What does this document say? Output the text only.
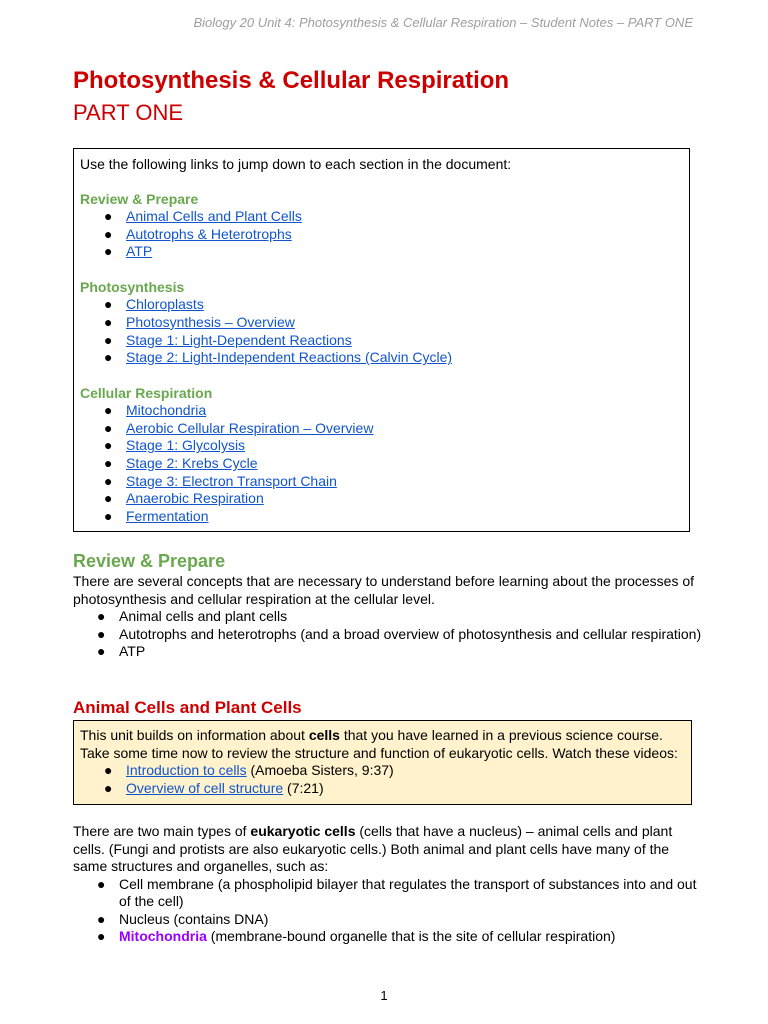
Biology 20 Unit 4: Photosynthesis & Cellular Respiration – Student Notes – PART ONE
Photosynthesis & Cellular Respiration
PART ONE
Use the following links to jump down to each section in the document:
Review & Prepare
● Animal Cells and Plant Cells
● Autotrophs & Heterotrophs
● ATP
Photosynthesis
● Chloroplasts
● Photosynthesis – Overview
● Stage 1: Light-Dependent Reactions
● Stage 2: Light-Independent Reactions (Calvin Cycle)
Cellular Respiration
● Mitochondria
● Aerobic Cellular Respiration – Overview
● Stage 1: Glycolysis
● Stage 2: Krebs Cycle
● Stage 3: Electron Transport Chain
● Anaerobic Respiration
● Fermentation
Review & Prepare
There are several concepts that are necessary to understand before learning about the processes of photosynthesis and cellular respiration at the cellular level.
● Animal cells and plant cells
● Autotrophs and heterotrophs (and a broad overview of photosynthesis and cellular respiration)
● ATP
Animal Cells and Plant Cells
This unit builds on information about cells that you have learned in a previous science course. Take some time now to review the structure and function of eukaryotic cells. Watch these videos:
● Introduction to cells (Amoeba Sisters, 9:37)
● Overview of cell structure (7:21)
There are two main types of eukaryotic cells (cells that have a nucleus) – animal cells and plant cells. (Fungi and protists are also eukaryotic cells.) Both animal and plant cells have many of the same structures and organelles, such as:
● Cell membrane (a phospholipid bilayer that regulates the transport of substances into and out of the cell)
● Nucleus (contains DNA)
● Mitochondria (membrane-bound organelle that is the site of cellular respiration)
1
